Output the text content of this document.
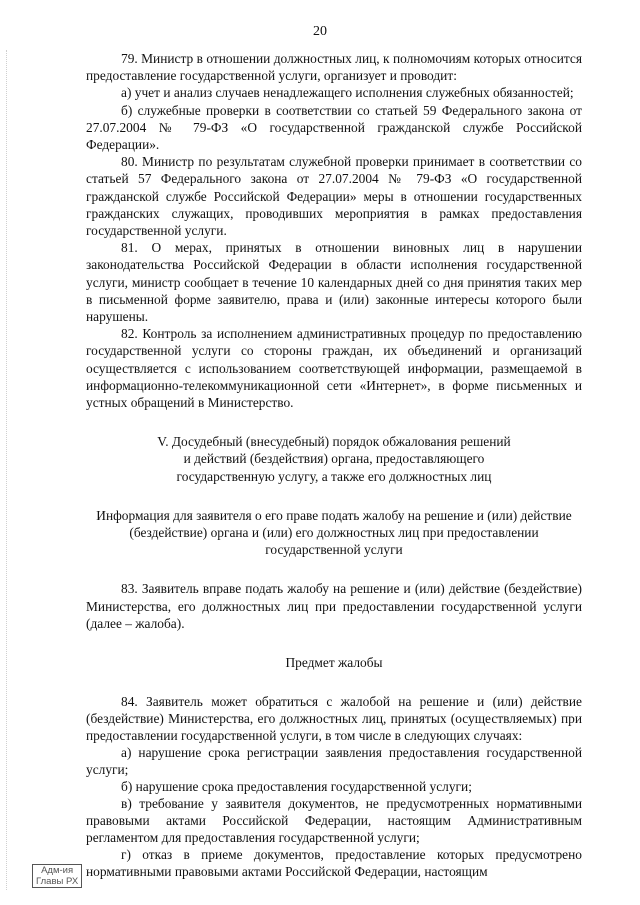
20

79. Министр в отношении должностных лиц, к полномочиям которых относится предоставление государственной услуги, организует и проводит:

а) учет и анализ случаев ненадлежащего исполнения служебных обязанностей;

б) служебные проверки в соответствии со статьей 59 Федерального закона от 27.07.2004 № 79-ФЗ «О государственной гражданской службе Российской Федерации».

80. Министр по результатам служебной проверки принимает в соответствии со статьей 57 Федерального закона от 27.07.2004 № 79-ФЗ «О государственной гражданской службе Российской Федерации» меры в отношении государственных гражданских служащих, проводивших мероприятия в рамках предоставления государственной услуги.

81. О мерах, принятых в отношении виновных лиц в нарушении законодательства Российской Федерации в области исполнения государственной услуги, министр сообщает в течение 10 календарных дней со дня принятия таких мер в письменной форме заявителю, права и (или) законные интересы которого были нарушены.

82. Контроль за исполнением административных процедур по предоставлению государственной услуги со стороны граждан, их объединений и организаций осуществляется с использованием соответствующей информации, размещаемой в информационно-телекоммуникационной сети «Интернет», в форме письменных и устных обращений в Министерство.

V. Досудебный (внесудебный) порядок обжалования решений

и действий (бездействия) органа, предоставляющего

государственную услугу, а также его должностных лиц

Информация для заявителя о его праве подать жалобу на решение и (или) действие

(бездействие) органа и (или) его должностных лиц при предоставлении

государственной услуги

83. Заявитель вправе подать жалобу на решение и (или) действие (бездействие) Министерства, его должностных лиц при предоставлении государственной услуги (далее – жалоба).

Предмет жалобы

84. Заявитель может обратиться с жалобой на решение и (или) действие (бездействие) Министерства, его должностных лиц, принятых (осуществляемых) при предоставлении государственной услуги, в том числе в следующих случаях:

а) нарушение срока регистрации заявления предоставления государственной услуги;

б) нарушение срока предоставления государственной услуги;

в) требование у заявителя документов, не предусмотренных нормативными правовыми актами Российской Федерации, настоящим Административным регламентом для предоставления государственной услуги;

г) отказ в приеме документов, предоставление которых предусмотрено нормативными правовыми актами Российской Федерации, настоящим

Адм-ия
Главы РХ
